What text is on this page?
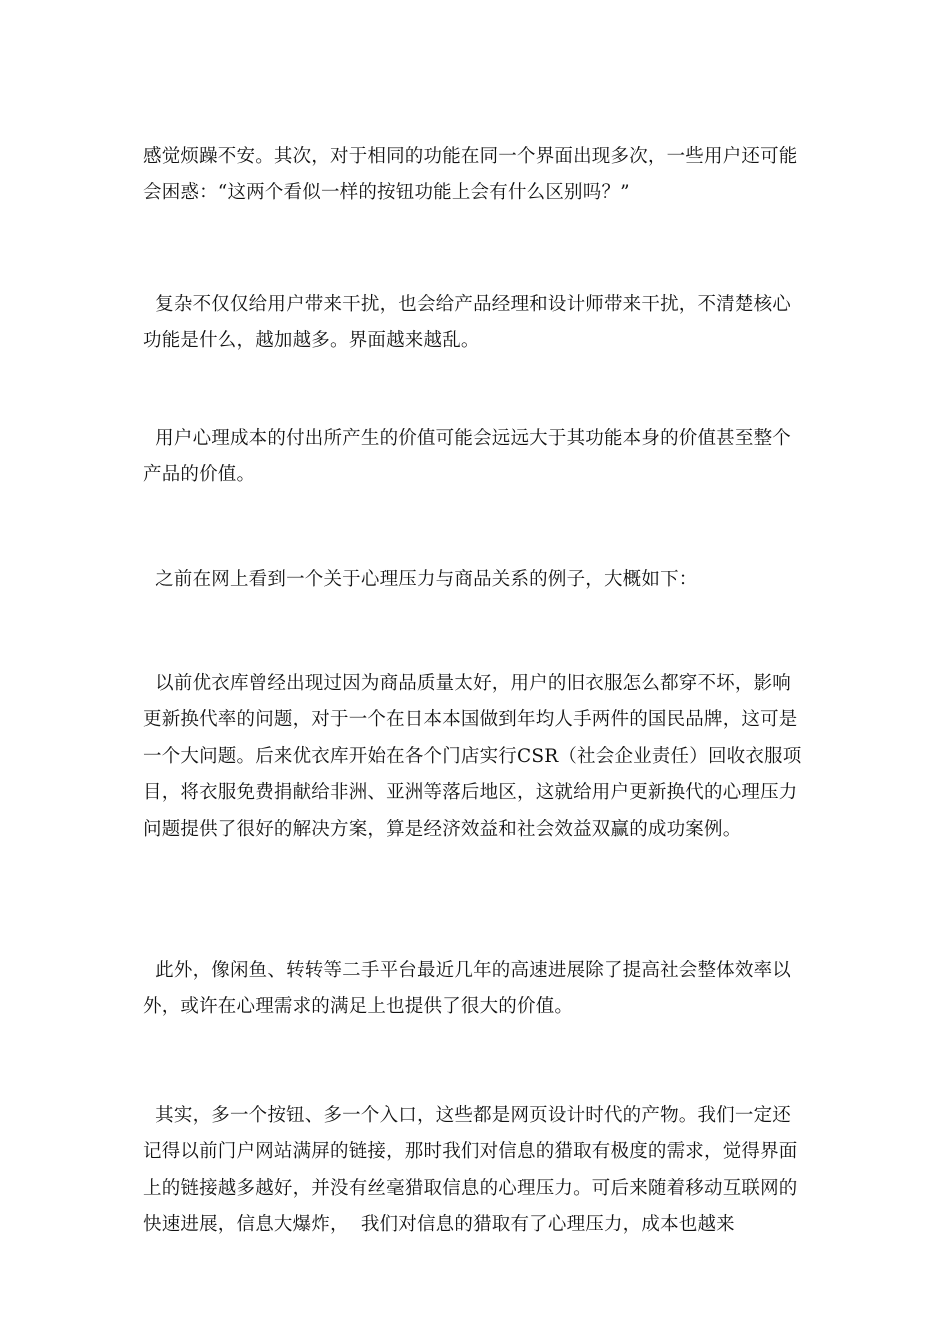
感觉烦躁不安。其次，对于相同的功能在同一个界面出现多次，一些用户还可能会困惑：“这两个看似一样的按钮功能上会有什么区别吗？”

复杂不仅仅给用户带来干扰，也会给产品经理和设计师带来干扰，不清楚核心功能是什么，越加越多。界面越来越乱。

用户心理成本的付出所产生的价值可能会远远大于其功能本身的价值甚至整个产品的价值。

之前在网上看到一个关于心理压力与商品关系的例子，大概如下：

以前优衣库曾经出现过因为商品质量太好，用户的旧衣服怎么都穿不坏，影响更新换代率的问题，对于一个在日本本国做到年均人手两件的国民品牌，这可是一个大问题。后来优衣库开始在各个门店实行CSR（社会企业责任）回收衣服项目，将衣服免费捐献给非洲、亚洲等落后地区，这就给用户更新换代的心理压力问题提供了很好的解决方案，算是经济效益和社会效益双赢的成功案例。

此外，像闲鱼、转转等二手平台最近几年的高速进展除了提高社会整体效率以外，或许在心理需求的满足上也提供了很大的价值。

其实，多一个按钮、多一个入口，这些都是网页设计时代的产物。我们一定还记得以前门户网站满屏的链接，那时我们对信息的猎取有极度的需求，觉得界面上的链接越多越好，并没有丝毫猎取信息的心理压力。可后来随着移动互联网的快速进展，信息大爆炸，  我们对信息的猎取有了心理压力，成本也越来
